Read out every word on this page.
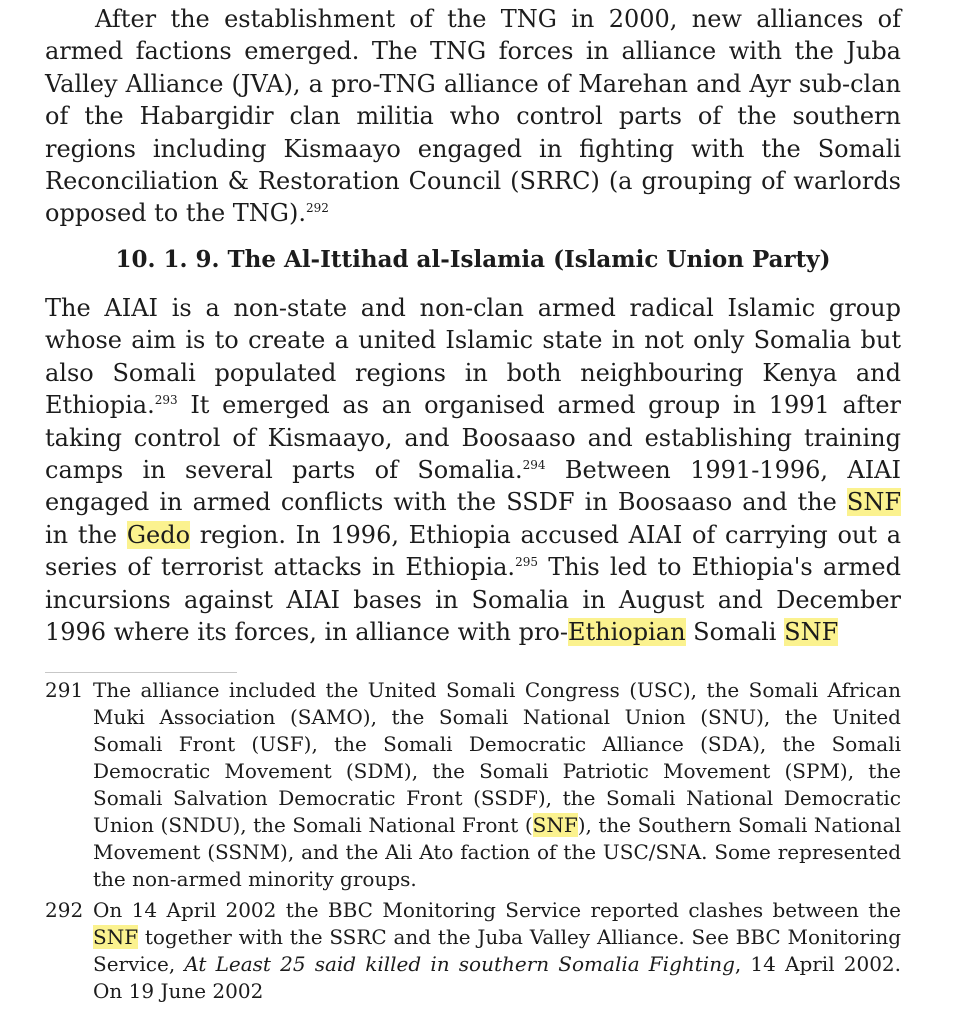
After the establishment of the TNG in 2000, new alliances of armed factions emerged. The TNG forces in alliance with the Juba Valley Alliance (JVA), a pro-TNG alliance of Marehan and Ayr sub-clan of the Habargidir clan militia who control parts of the southern regions including Kismaayo engaged in fighting with the Somali Reconciliation & Restoration Council (SRRC) (a grouping of warlords opposed to the TNG).$^{292}$

10. 1. 9. The Al-Ittihad al-Islamia (Islamic Union Party)

The AIAI is a non-state and non-clan armed radical Islamic group whose aim is to create a united Islamic state in not only Somalia but also Somali populated regions in both neighbouring Kenya and Ethiopia.$^{293}$ It emerged as an organised armed group in 1991 after taking control of Kismaayo, and Boosaaso and establishing training camps in several parts of Somalia.$^{294}$ Between 1991-1996, AIAI engaged in armed conflicts with the SSDF in Boosaaso and the SNF in the Gedo region. In 1996, Ethiopia accused AIAI of carrying out a series of terrorist attacks in Ethiopia.$^{295}$ This led to Ethiopia's armed incursions against AIAI bases in Somalia in August and December 1996 where its forces, in alliance with pro-Ethiopian Somali SNF

291 The alliance included the United Somali Congress (USC), the Somali African Muki Association (SAMO), the Somali National Union (SNU), the United Somali Front (USF), the Somali Democratic Alliance (SDA), the Somali Democratic Movement (SDM), the Somali Patriotic Movement (SPM), the Somali Salvation Democratic Front (SSDF), the Somali National Democratic Union (SNDU), the Somali National Front (SNF), the Southern Somali National Movement (SSNM), and the Ali Ato faction of the USC/SNA. Some represented the non-armed minority groups.

292 On 14 April 2002 the BBC Monitoring Service reported clashes between the SNF together with the SSRC and the Juba Valley Alliance. See BBC Monitoring Service, At Least 25 said killed in southern Somalia Fighting, 14 April 2002. On 19 June 2002
